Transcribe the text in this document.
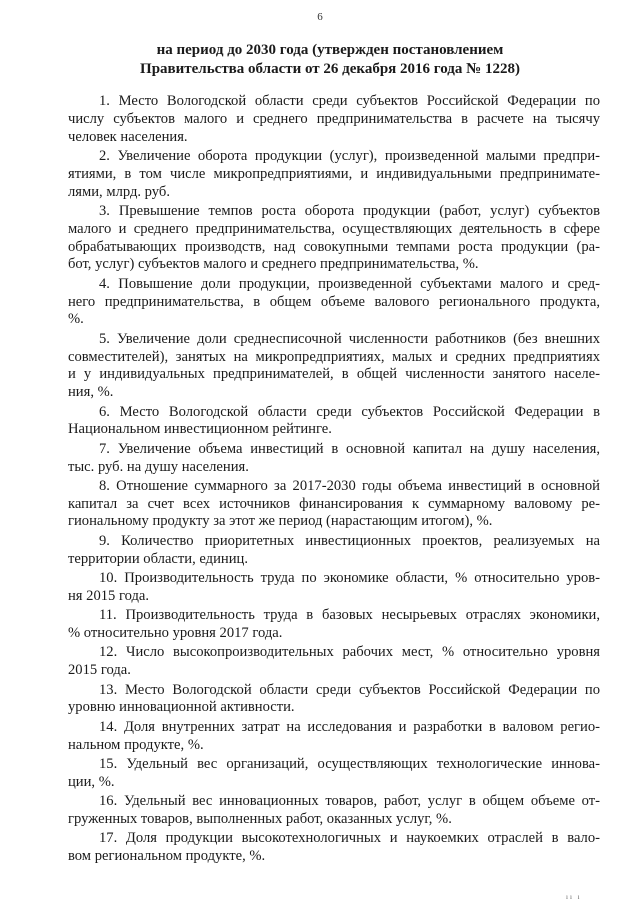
6
на период до 2030 года (утвержден постановлением
Правительства области от 26 декабря 2016 года № 1228)
1. Место Вологодской области среди субъектов Российской Федерации по
числу субъектов малого и среднего предпринимательства в расчете на тысячу
человек населения.
2. Увеличение оборота продукции (услуг), произведенной малыми предпри-
ятиями, в том числе микропредприятиями, и индивидуальными предпринимате-
лями, млрд. руб.
3. Превышение темпов роста оборота продукции (работ, услуг) субъектов
малого и среднего предпринимательства, осуществляющих деятельность в сфере
обрабатывающих производств, над совокупными темпами роста продукции (ра-
бот, услуг) субъектов малого и среднего предпринимательства, %.
4. Повышение доли продукции, произведенной субъектами малого и сред-
него предпринимательства, в общем объеме валового регионального продукта,
%.
5. Увеличение доли среднесписочной численности работников (без внешних
совместителей), занятых на микропредприятиях, малых и средних предприятиях
и у индивидуальных предпринимателей, в общей численности занятого населе-
ния, %.
6. Место Вологодской области среди субъектов Российской Федерации в
Национальном инвестиционном рейтинге.
7. Увеличение объема инвестиций в основной капитал на душу населения,
тыс. руб. на душу населения.
8. Отношение суммарного за 2017-2030 годы объема инвестиций в основной
капитал за счет всех источников финансирования к суммарному валовому ре-
гиональному продукту за этот же период (нарастающим итогом), %.
9. Количество приоритетных инвестиционных проектов, реализуемых на
территории области, единиц.
10. Производительность труда по экономике области, % относительно уров-
ня 2015 года.
11. Производительность труда в базовых несырьевых отраслях экономики,
% относительно уровня 2017 года.
12. Число высокопроизводительных рабочих мест, % относительно уровня
2015 года.
13. Место Вологодской области среди субъектов Российской Федерации по
уровню инновационной активности.
14. Доля внутренних затрат на исследования и разработки в валовом регио-
нальном продукте, %.
15. Удельный вес организаций, осуществляющих технологические иннова-
ции, %.
16. Удельный вес инновационных товаров, работ, услуг в общем объеме от-
груженных товаров, выполненных работ, оказанных услуг, %.
17. Доля продукции высокотехнологичных и наукоемких отраслей в вало-
вом региональном продукте, %.
ıı ı
